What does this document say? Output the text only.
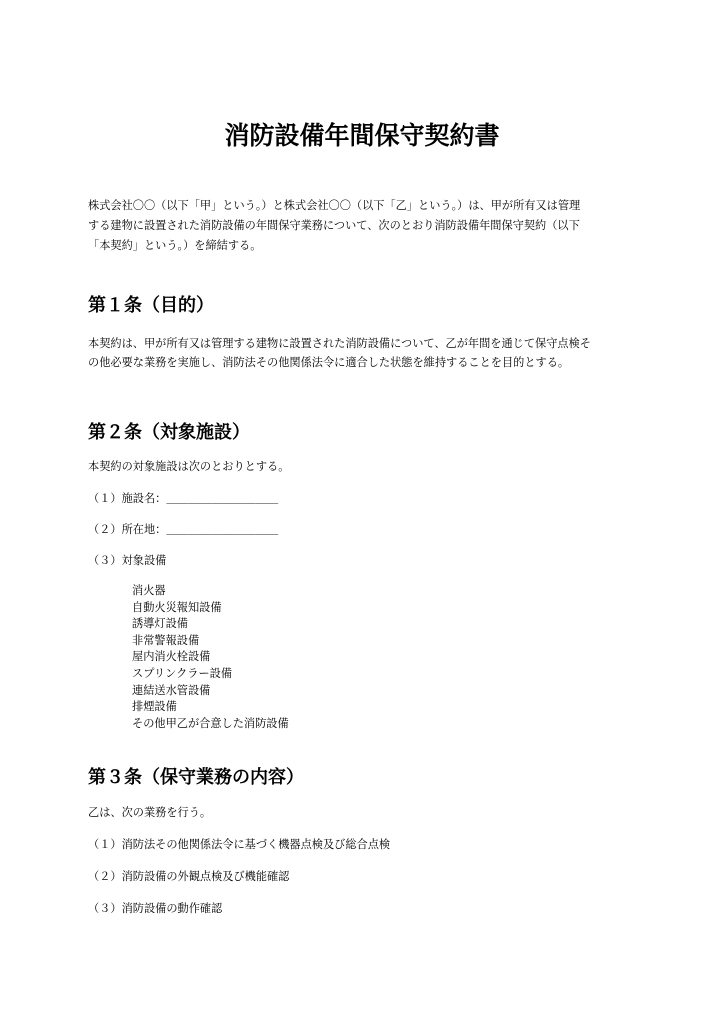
消防設備年間保守契約書

株式会社〇〇（以下「甲」という。）と株式会社〇〇（以下「乙」という。）は、甲が所有又は管理
する建物に設置された消防設備の年間保守業務について、次のとおり消防設備年間保守契約（以下
「本契約」という。）を締結する。

第１条（目的）

本契約は、甲が所有又は管理する建物に設置された消防設備について、乙が年間を通じて保守点検そ
の他必要な業務を実施し、消防法その他関係法令に適合した状態を維持することを目的とする。

第２条（対象施設）

本契約の対象施設は次のとおりとする。

（１）施設名：＿＿＿＿＿＿＿＿＿＿

（２）所在地：＿＿＿＿＿＿＿＿＿＿

（３）対象設備

消火器
自動火災報知設備
誘導灯設備
非常警報設備
屋内消火栓設備
スプリンクラー設備
連結送水管設備
排煙設備
その他甲乙が合意した消防設備
第３条（保守業務の内容）

乙は、次の業務を行う。

（１）消防法その他関係法令に基づく機器点検及び総合点検

（２）消防設備の外観点検及び機能確認

（３）消防設備の動作確認
